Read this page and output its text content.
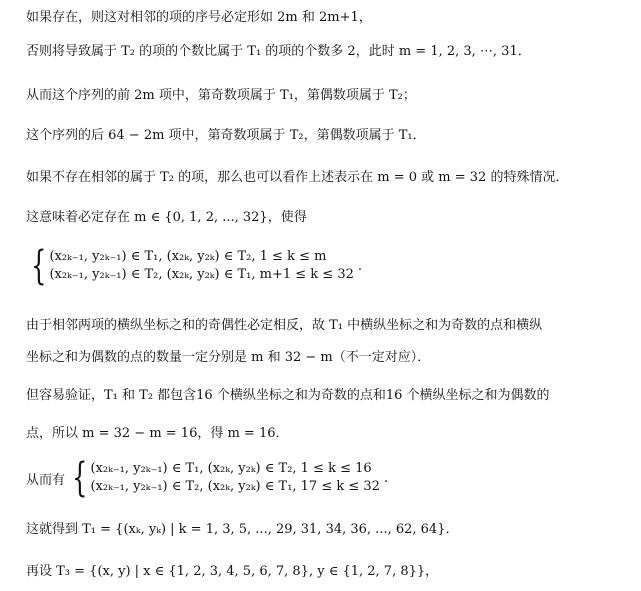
如果存在，则这对相邻的项的序号必定形如 2m 和 2m+1，
否则将导致属于 T₂ 的项的个数比属于 T₁ 的项的个数多 2，此时 m = 1, 2, 3, ⋯, 31．
从而这个序列的前 2m 项中，第奇数项属于 T₁，第偶数项属于 T₂；
这个序列的后 64 − 2m 项中，第奇数项属于 T₂，第偶数项属于 T₁．
如果不存在相邻的属于 T₂ 的项，那么也可以看作上述表示在 m = 0 或 m = 32 的特殊情况．
这意味着必定存在 m ∈ {0, 1, 2, ..., 32}，使得
{ (x₂ₖ₋₁, y₂ₖ₋₁) ∈ T₁, (x₂ₖ, y₂ₖ) ∈ T₂, 1 ≤ k ≤ m
(x₂ₖ₋₁, y₂ₖ₋₁) ∈ T₂, (x₂ₖ, y₂ₖ) ∈ T₁, m+1 ≤ k ≤ 32
.
由于相邻两项的横纵坐标之和的奇偶性必定相反，故 T₁ 中横纵坐标之和为奇数的点和横纵
坐标之和为偶数的点的数量一定分别是 m 和 32 − m（不一定对应）．
但容易验证，T₁ 和 T₂ 都包含16 个横纵坐标之和为奇数的点和16 个横纵坐标之和为偶数的
点，所以 m = 32 − m = 16，得 m = 16．
从而有 { (x₂ₖ₋₁, y₂ₖ₋₁) ∈ T₁, (x₂ₖ, y₂ₖ) ∈ T₂, 1 ≤ k ≤ 16
(x₂ₖ₋₁, y₂ₖ₋₁) ∈ T₂, (x₂ₖ, y₂ₖ) ∈ T₁, 17 ≤ k ≤ 32
.
这就得到 T₁ = {(xₖ, yₖ) | k = 1, 3, 5, ..., 29, 31, 34, 36, ..., 62, 64}．
再设 T₃ = {(x, y) | x ∈ {1, 2, 3, 4, 5, 6, 7, 8}, y ∈ {1, 2, 7, 8}}，
